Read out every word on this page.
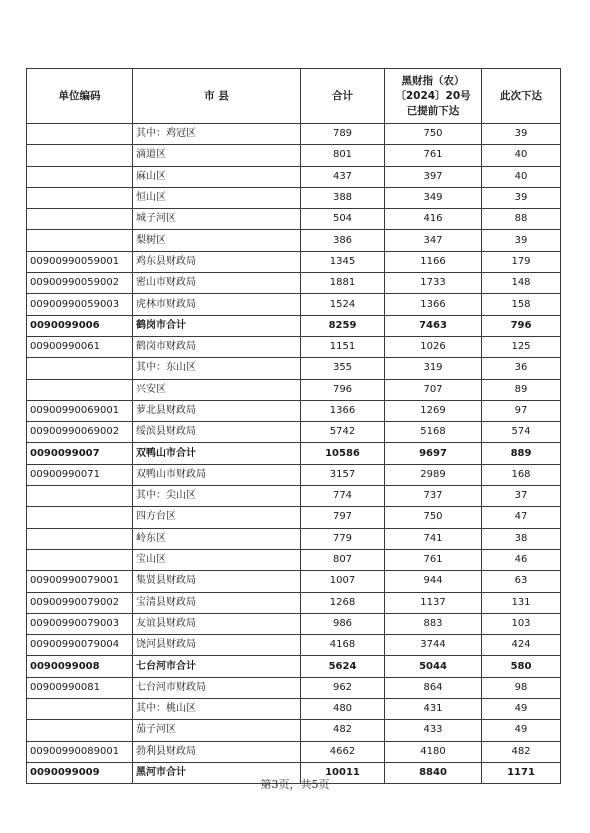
单位编码	市 县	合计	黑财指（农）〔2024〕20号已提前下达	此次下达
	其中：鸡冠区	789	750	39
	滴道区	801	761	40
	麻山区	437	397	40
	恒山区	388	349	39
	城子河区	504	416	88
	梨树区	386	347	39
00900990059001	鸡东县财政局	1345	1166	179
00900990059002	密山市财政局	1881	1733	148
00900990059003	虎林市财政局	1524	1366	158
0090099006	鹤岗市合计	8259	7463	796
00900990061	鹤岗市财政局	1151	1026	125
	其中：东山区	355	319	36
	兴安区	796	707	89
00900990069001	萝北县财政局	1366	1269	97
00900990069002	绥滨县财政局	5742	5168	574
0090099007	双鸭山市合计	10586	9697	889
00900990071	双鸭山市财政局	3157	2989	168
	其中：尖山区	774	737	37
	四方台区	797	750	47
	岭东区	779	741	38
	宝山区	807	761	46
00900990079001	集贤县财政局	1007	944	63
00900990079002	宝清县财政局	1268	1137	131
00900990079003	友谊县财政局	986	883	103
00900990079004	饶河县财政局	4168	3744	424
0090099008	七台河市合计	5624	5044	580
00900990081	七台河市财政局	962	864	98
	其中：桃山区	480	431	49
	茄子河区	482	433	49
00900990089001	勃利县财政局	4662	4180	482
0090099009	黑河市合计	10011	8840	1171
第3页，共5页
